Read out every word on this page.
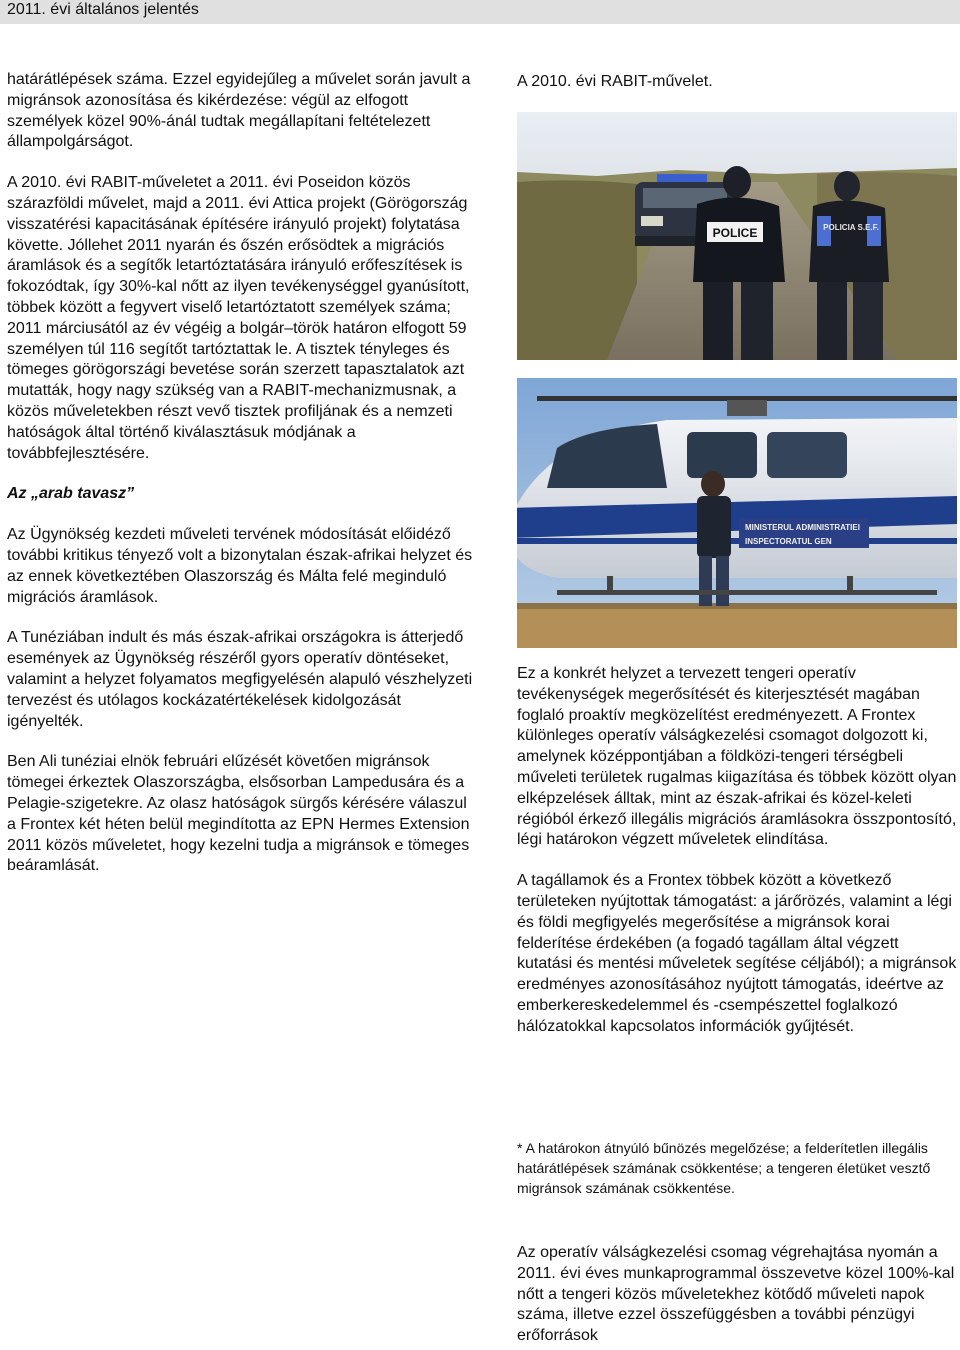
2011. évi általános jelentés

határátlépések száma. Ezzel egyidejűleg a művelet során javult a migránsok azonosítása és kikérdezése: végül az elfogott személyek közel 90%-ánál tudtak megállapítani feltételezett állampolgárságot.

A 2010. évi RABIT-műveletet a 2011. évi Poseidon közös szárazföldi művelet, majd a 2011. évi Attica projekt (Görögország visszatérési kapacitásának építésére irányuló projekt) folytatása követte. Jóllehet 2011 nyarán és őszén erősödtek a migrációs áramlások és a segítők letartóztatására irányuló erőfeszítések is fokozódtak, így 30%-kal nőtt az ilyen tevékenységgel gyanúsított, többek között a fegyvert viselő letartóztatott személyek száma; 2011 márciusától az év végéig a bolgár–török határon elfogott 59 személyen túl 116 segítőt tartóztattak le. A tisztek tényleges és tömeges görögországi bevetése során szerzett tapasztalatok azt mutatták, hogy nagy szükség van a RABIT-mechanizmusnak, a közös műveletekben részt vevő tisztek profiljának és a nemzeti hatóságok által történő kiválasztásuk módjának a továbbfejlesztésére.

Az „arab tavasz”

Az Ügynökség kezdeti műveleti tervének módosítását előidéző további kritikus tényező volt a bizonytalan észak-afrikai helyzet és az ennek következtében Olaszország és Málta felé meginduló migrációs áramlások.

A Tunéziában indult és más észak-afrikai országokra is átterjedő események az Ügynökség részéről gyors operatív döntéseket, valamint a helyzet folyamatos megfigyelésén alapuló vészhelyzeti tervezést és utólagos kockázatértékelések kidolgozását igényelték.

Ben Ali tunéziai elnök februári elűzését követően migránsok tömegei érkeztek Olaszországba, elsősorban Lampedusára és a Pelagie-szigetekre. Az olasz hatóságok sürgős kérésére válaszul a Frontex két héten belül megindította az EPN Hermes Extension 2011 közös műveletet, hogy kezelni tudja a migránsok e tömeges beáramlását.

A 2010. évi RABIT-művelet.

POLICE	POLICIA S.E.F.
MINISTERUL ADMINISTRATIEI
INSPECTORATUL GEN
ELOR

Ez a konkrét helyzet a tervezett tengeri operatív tevékenységek megerősítését és kiterjesztését magában foglaló proaktív megközelítést eredményezett. A Frontex különleges operatív válságkezelési csomagot dolgozott ki, amelynek középpontjában a földközi-tengeri térségbeli műveleti területek rugalmas kiigazítása és többek között olyan elképzelések álltak, mint az észak-afrikai és közel-keleti régióból érkező illegális migrációs áramlásokra összpontosító, légi határokon végzett műveletek elindítása.

A tagállamok és a Frontex többek között a következő területeken nyújtottak támogatást: a járőrözés, valamint a légi és földi megfigyelés megerősítése a migránsok korai felderítése érdekében (a fogadó tagállam által végzett kutatási és mentési műveletek segítése céljából); a migránsok eredményes azonosításához nyújtott támogatás, ideértve az emberkereskedelemmel és -csempészettel foglalkozó hálózatokkal kapcsolatos információk gyűjtését.

* A határokon átnyúló bűnözés megelőzése; a felderítetlen illegális határátlépések számának csökkentése; a tengeren életüket vesztő migránsok számának csökkentése.

Az operatív válságkezelési csomag végrehajtása nyomán a 2011. évi éves munkaprogrammal összevetve közel 100%-kal nőtt a tengeri közös műveletekhez kötődő műveleti napok száma, illetve ezzel összefüggésben a további pénzügyi erőforrások
